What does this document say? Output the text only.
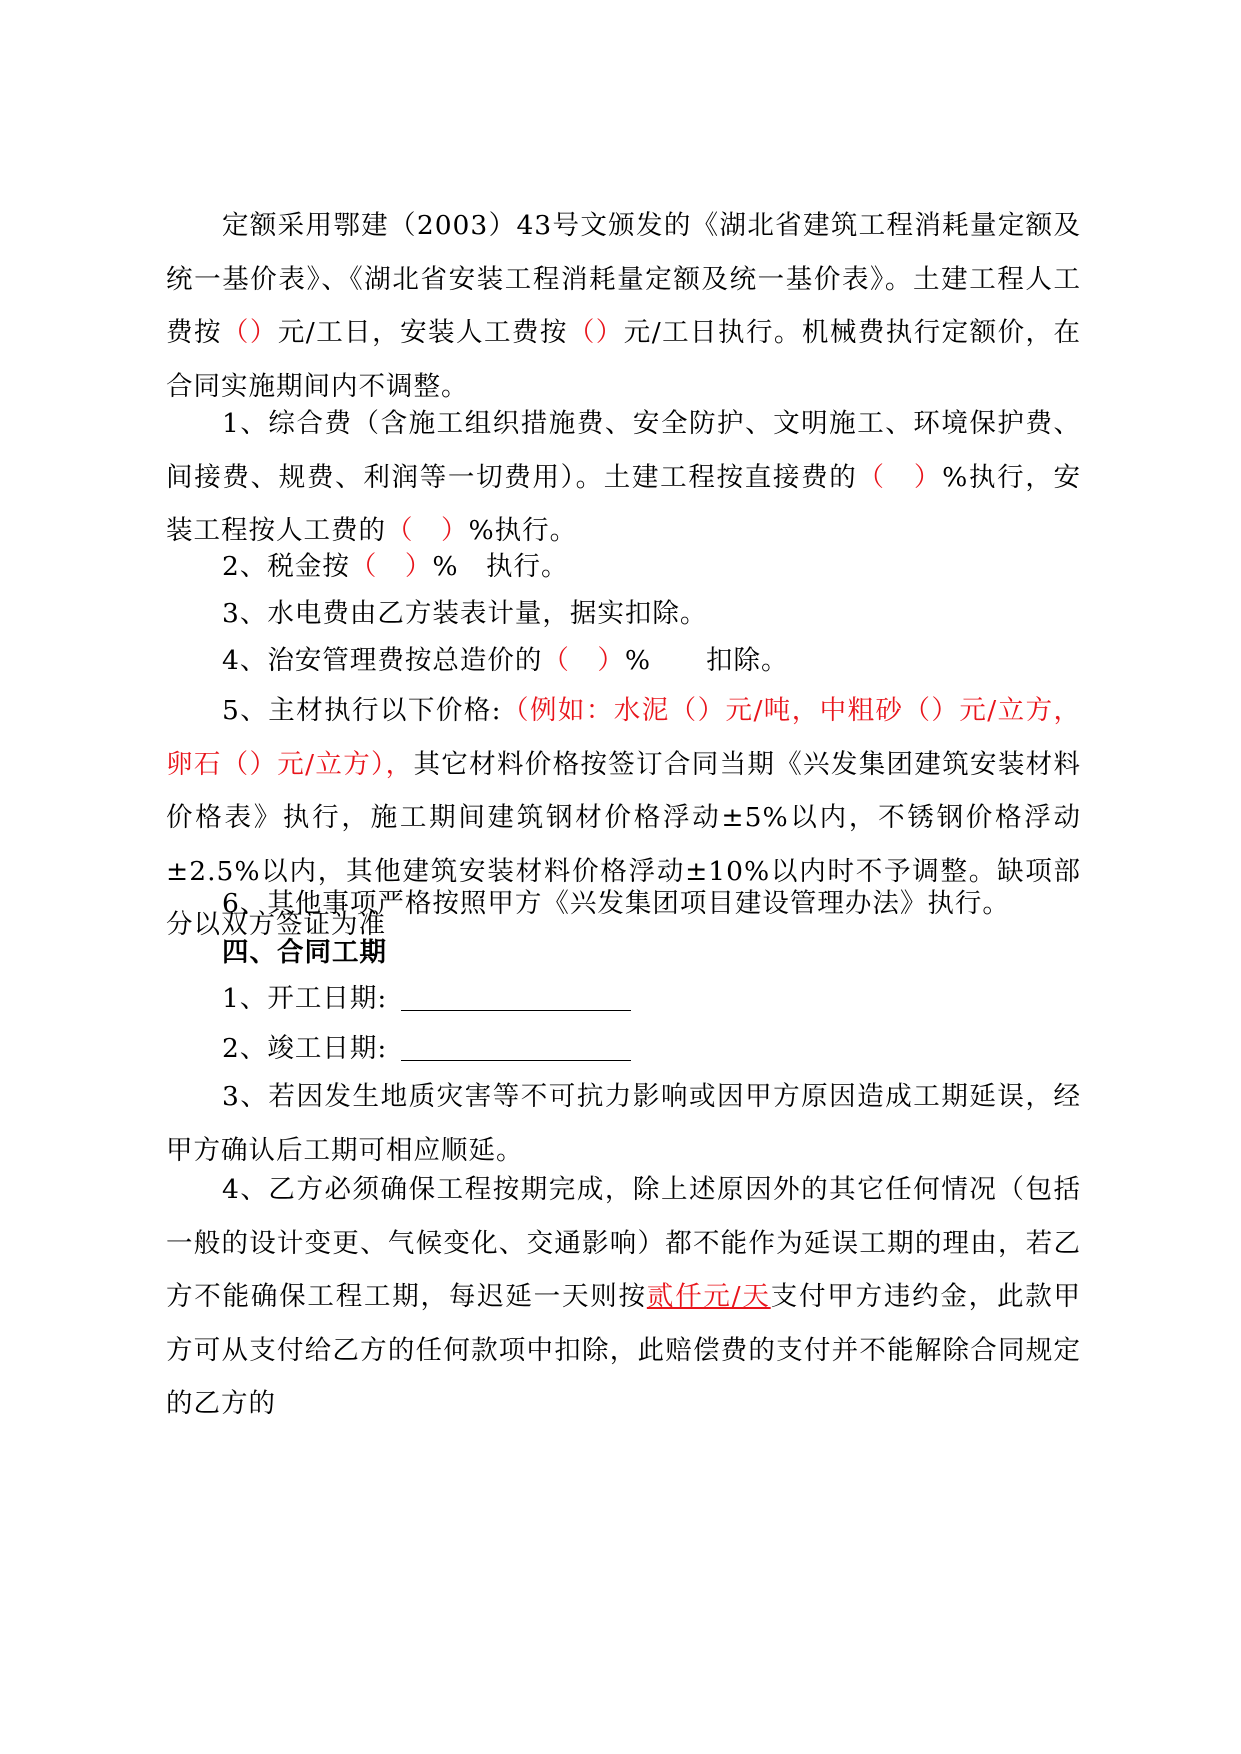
定额采用鄂建（2003）43号文颁发的《湖北省建筑工程消耗量定额及统一基价表》、《湖北省安装工程消耗量定额及统一基价表》。土建工程人工费按（）元/工日，安装人工费按（）元/工日执行。机械费执行定额价，在合同实施期间内不调整。

1、综合费（含施工组织措施费、安全防护、文明施工、环境保护费、间接费、规费、利润等一切费用）。土建工程按直接费的（　）%执行，安装工程按人工费的（　）%执行。

2、税金按（　）%　执行。

3、水电费由乙方装表计量，据实扣除。

4、治安管理费按总造价的（　）%　　扣除。

5、主材执行以下价格:（例如：水泥（）元/吨，中粗砂（）元/立方，卵石（）元/立方），其它材料价格按签订合同当期《兴发集团建筑安装材料价格表》执行，施工期间建筑钢材价格浮动±5%以内，不锈钢价格浮动±2.5%以内，其他建筑安装材料价格浮动±10%以内时不予调整。缺项部分以双方签证为准

6、其他事项严格按照甲方《兴发集团项目建设管理办法》执行。

四、合同工期

1、开工日期:

2、竣工日期:

3、若因发生地质灾害等不可抗力影响或因甲方原因造成工期延误，经甲方确认后工期可相应顺延。

4、乙方必须确保工程按期完成，除上述原因外的其它任何情况（包括一般的设计变更、气候变化、交通影响）都不能作为延误工期的理由，若乙方不能确保工程工期，每迟延一天则按贰仟元/天支付甲方违约金，此款甲方可从支付给乙方的任何款项中扣除，此赔偿费的支付并不能解除合同规定的乙方的
